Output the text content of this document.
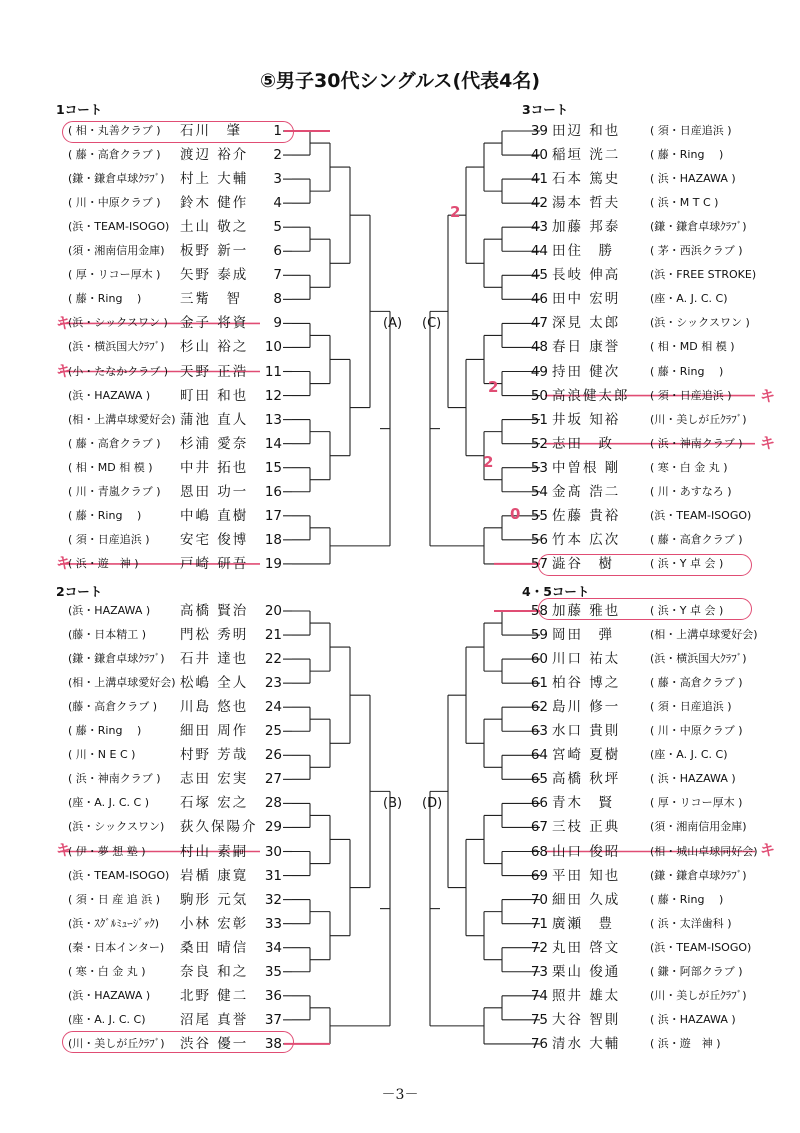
⑤男子30代シングルス(代表4名)
1コート	3コート
2コート	4・5コート
(A) (C)
(B) (D)
( 相・丸善クラブ ) 石川　肇	1
( 藤・高倉クラブ ) 渡辺 裕介	2
(鎌・鎌倉卓球ｸﾗﾌﾞ) 村上 大輔	3
( 川・中原クラブ ) 鈴木 健作	4
(浜・TEAM-ISOGO) 土山 敬之	5
(須・湘南信用金庫) 板野 新一	6
( 厚・リコー厚木 ) 矢野 泰成	7
( 藤・Ring　 )	三觜　智	8
(浜・シックスワン ) 金子 将資	9
(浜・横浜国大ｸﾗﾌﾞ) 杉山 裕之 10
(小・たなかクラブ ) 天野 正浩 11
(浜・HAZAWA ) 町田 和也 12
(相・上溝卓球愛好会) 蒲池 直人 13
( 藤・高倉クラブ ) 杉浦 愛奈 14
( 相・MD 相 模 ) 中井 拓也 15
( 川・青嵐クラブ ) 恩田 功一 16
( 藤・Ring　 )	中嶋 直樹 17
( 須・日産追浜 ) 安宅 俊博 18
( 浜・遊　神 )	戸崎 研吾 19
(浜・HAZAWA ) 高橋 賢治 20
(藤・日本精工 )	門松 秀明 21
(鎌・鎌倉卓球ｸﾗﾌﾞ) 石井 達也 22
(相・上溝卓球愛好会) 松嶋 全人 23
(藤・高倉クラブ ) 川島 悠也 24
( 藤・Ring　 )	細田 周作 25
( 川・N E C )	村野 芳哉 26
( 浜・神南クラブ ) 志田 宏実 27
(座・A. J. C. C ) 石塚 宏之 28
(浜・シックスワン) 荻久保陽介 29
( 伊・夢 想 塾 )	村山 素嗣 30
(浜・TEAM-ISOGO) 岩楯 康寛 31
( 須・日 産 追 浜 ) 駒形 元気 32
(浜・ｽｸﾞﾙﾐｭｰｼﾞｯｸ) 小林 宏彰 33
(秦・日本インター) 桑田 晴信 34
( 寒・白 金 丸 )	奈良 和之 35
(浜・HAZAWA ) 北野 健二 36
(座・A. J. C. C)	沼尾 真誉 37
(川・美しが丘ｸﾗﾌﾞ) 渋谷 優一 38
39 田辺 和也	( 須・日産追浜 )
40 稲垣 洸二	( 藤・Ring　 )
41 石本 篤史	( 浜・HAZAWA )
42 湯本 哲夫	( 浜・M T C )
43 加藤 邦泰	(鎌・鎌倉卓球ｸﾗﾌﾞ)
44 田住　勝	( 茅・西浜クラブ )
45 長岐 伸高	(浜・FREE STROKE)
46 田中 宏明	(座・A. J. C. C)
47 深見 太郎	(浜・シックスワン )
48 春日 康誉	( 相・MD 相 模 )
49 持田 健次	( 藤・Ring　 )
50 高浪健太郎 ( 須・日産追浜 )
51 井坂 知裕	(川・美しが丘ｸﾗﾌﾞ)
52 志田　政	( 浜・神南クラブ )
53 中曽根 剛	( 寒・白 金 丸 )
54 金髙 浩二	( 川・あすなろ )
55 佐藤 貴裕	(浜・TEAM-ISOGO)
56 竹本 広次	( 藤・高倉クラブ )
57 澁谷　樹	( 浜・Y 卓 会 )
58 加藤 雅也	( 浜・Y 卓 会 )
59 岡田　弾	(相・上溝卓球愛好会)
60 川口 祐太	(浜・横浜国大ｸﾗﾌﾞ)
61 柏谷 博之	( 藤・高倉クラブ )
62 島川 修一	( 須・日産追浜 )
63 水口 貴則	( 川・中原クラブ )
64 宮崎 夏樹	(座・A. J. C. C)
65 高橋 秋坪	( 浜・HAZAWA )
66 青木　賢	( 厚・リコー厚木 )
67 三枝 正典	(須・湘南信用金庫)
68 山口 俊昭	(相・城山卓球同好会)
69 平田 知也	(鎌・鎌倉卓球ｸﾗﾌﾞ)
70 細田 久成	( 藤・Ring　 )
71 廣瀬　豊	( 浜・太洋歯科 )
72 丸田 啓文	(浜・TEAM-ISOGO)
73 栗山 俊通	( 鎌・阿部クラブ )
74 照井 雄太	(川・美しが丘ｸﾗﾌﾞ)
75 大谷 智則	( 浜・HAZAWA )
76 清水 大輔	( 浜・遊　神 )
キ
キ
キ
キ
キ
キ
キ
2
2
2
0
－3－
